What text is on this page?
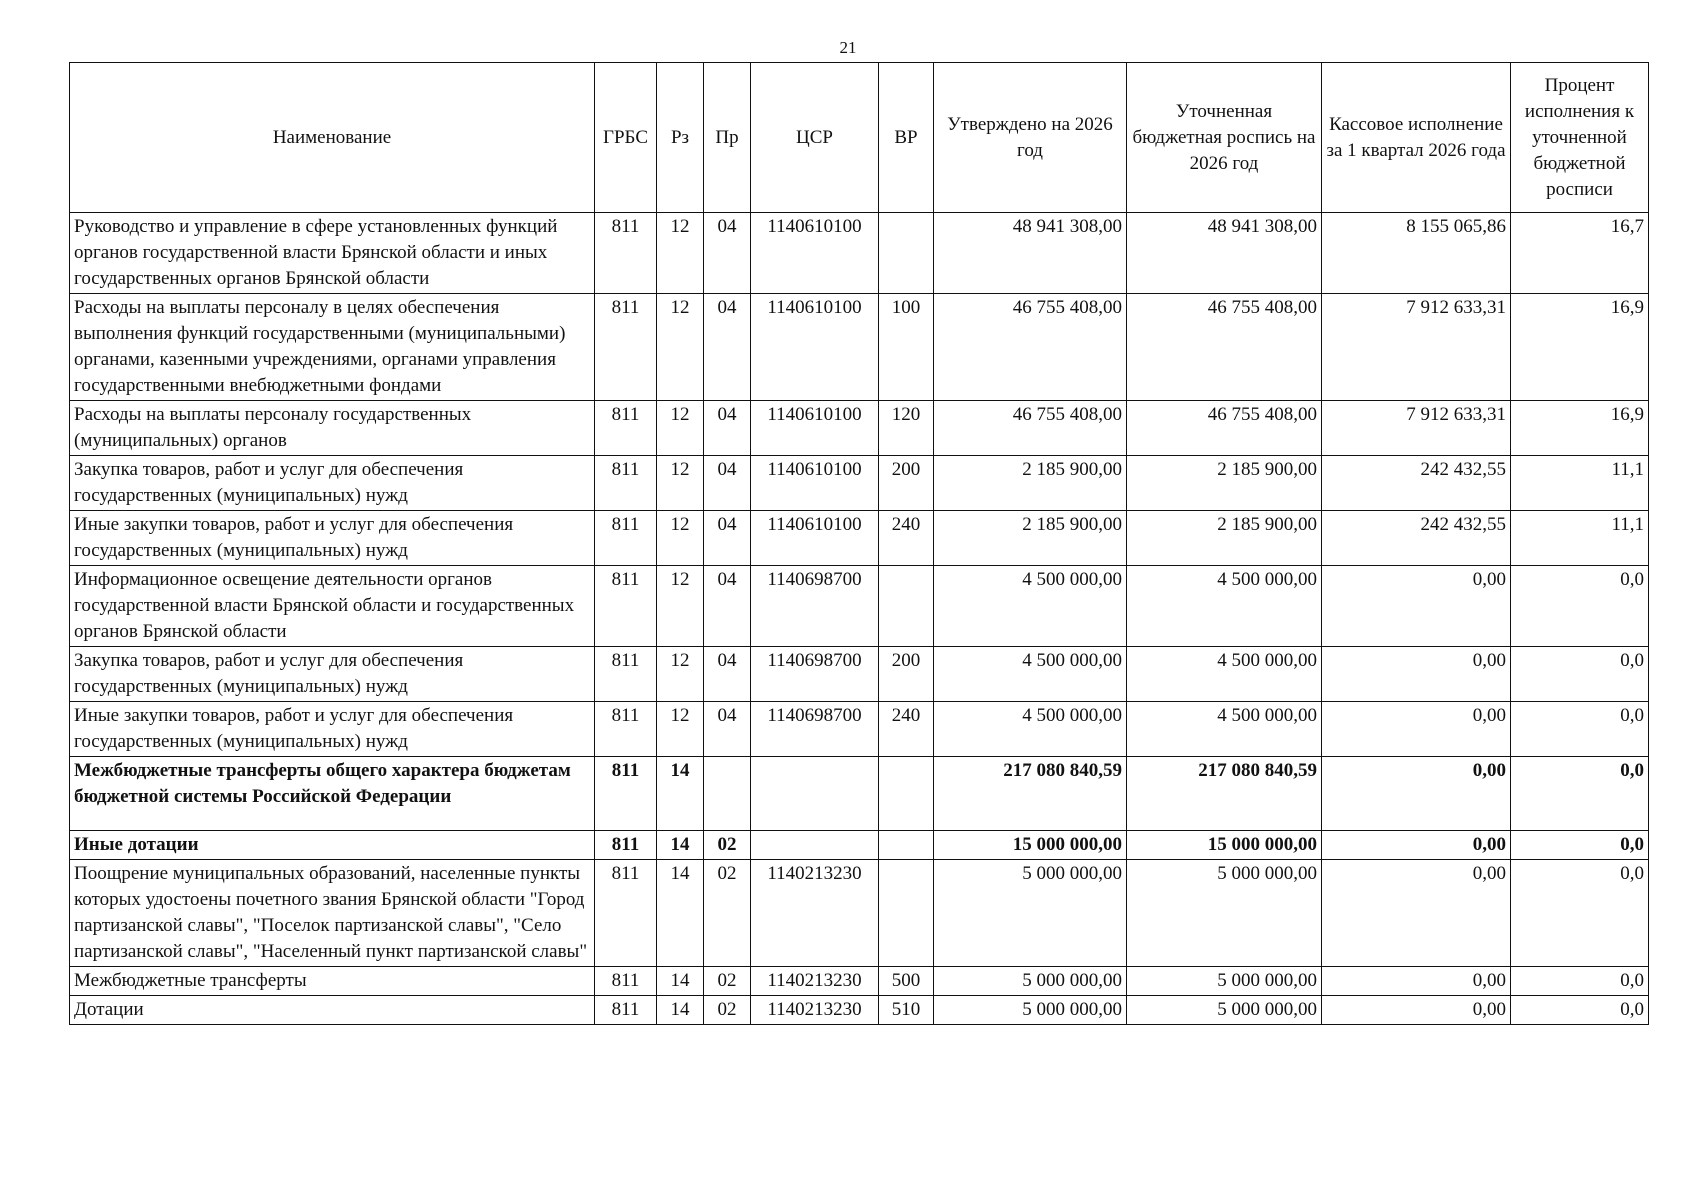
21
Наименование	ГРБС	Рз	Пр	ЦСР	ВР	Утверждено на 2026 год	Уточненная бюджетная роспись на 2026 год	Кассовое исполнение за 1 квартал 2026 года	Процент исполнения к уточненной бюджетной росписи
Руководство и управление в сфере установленных функций органов государственной власти Брянской области и иных государственных органов Брянской области	811	12	04	1140610100		48 941 308,00	48 941 308,00	8 155 065,86	16,7
Расходы на выплаты персоналу в целях обеспечения выполнения функций государственными (муниципальными) органами, казенными учреждениями, органами управления государственными внебюджетными фондами	811	12	04	1140610100	100	46 755 408,00	46 755 408,00	7 912 633,31	16,9
Расходы на выплаты персоналу государственных (муниципальных) органов	811	12	04	1140610100	120	46 755 408,00	46 755 408,00	7 912 633,31	16,9
Закупка товаров, работ и услуг для обеспечения государственных (муниципальных) нужд	811	12	04	1140610100	200	2 185 900,00	2 185 900,00	242 432,55	11,1
Иные закупки товаров, работ и услуг для обеспечения государственных (муниципальных) нужд	811	12	04	1140610100	240	2 185 900,00	2 185 900,00	242 432,55	11,1
Информационное освещение деятельности органов государственной власти Брянской области и государственных органов Брянской области	811	12	04	1140698700		4 500 000,00	4 500 000,00	0,00	0,0
Закупка товаров, работ и услуг для обеспечения государственных (муниципальных) нужд	811	12	04	1140698700	200	4 500 000,00	4 500 000,00	0,00	0,0
Иные закупки товаров, работ и услуг для обеспечения государственных (муниципальных) нужд	811	12	04	1140698700	240	4 500 000,00	4 500 000,00	0,00	0,0
Межбюджетные трансферты общего характера бюджетам бюджетной системы Российской Федерации	811	14				217 080 840,59	217 080 840,59	0,00	0,0
Иные дотации	811	14	02			15 000 000,00	15 000 000,00	0,00	0,0
Поощрение муниципальных образований, населенные пункты которых удостоены почетного звания Брянской области "Город партизанской славы", "Поселок партизанской славы", "Село партизанской славы", "Населенный пункт партизанской славы"	811	14	02	1140213230		5 000 000,00	5 000 000,00	0,00	0,0
Межбюджетные трансферты	811	14	02	1140213230	500	5 000 000,00	5 000 000,00	0,00	0,0
Дотации	811	14	02	1140213230	510	5 000 000,00	5 000 000,00	0,00	0,0
